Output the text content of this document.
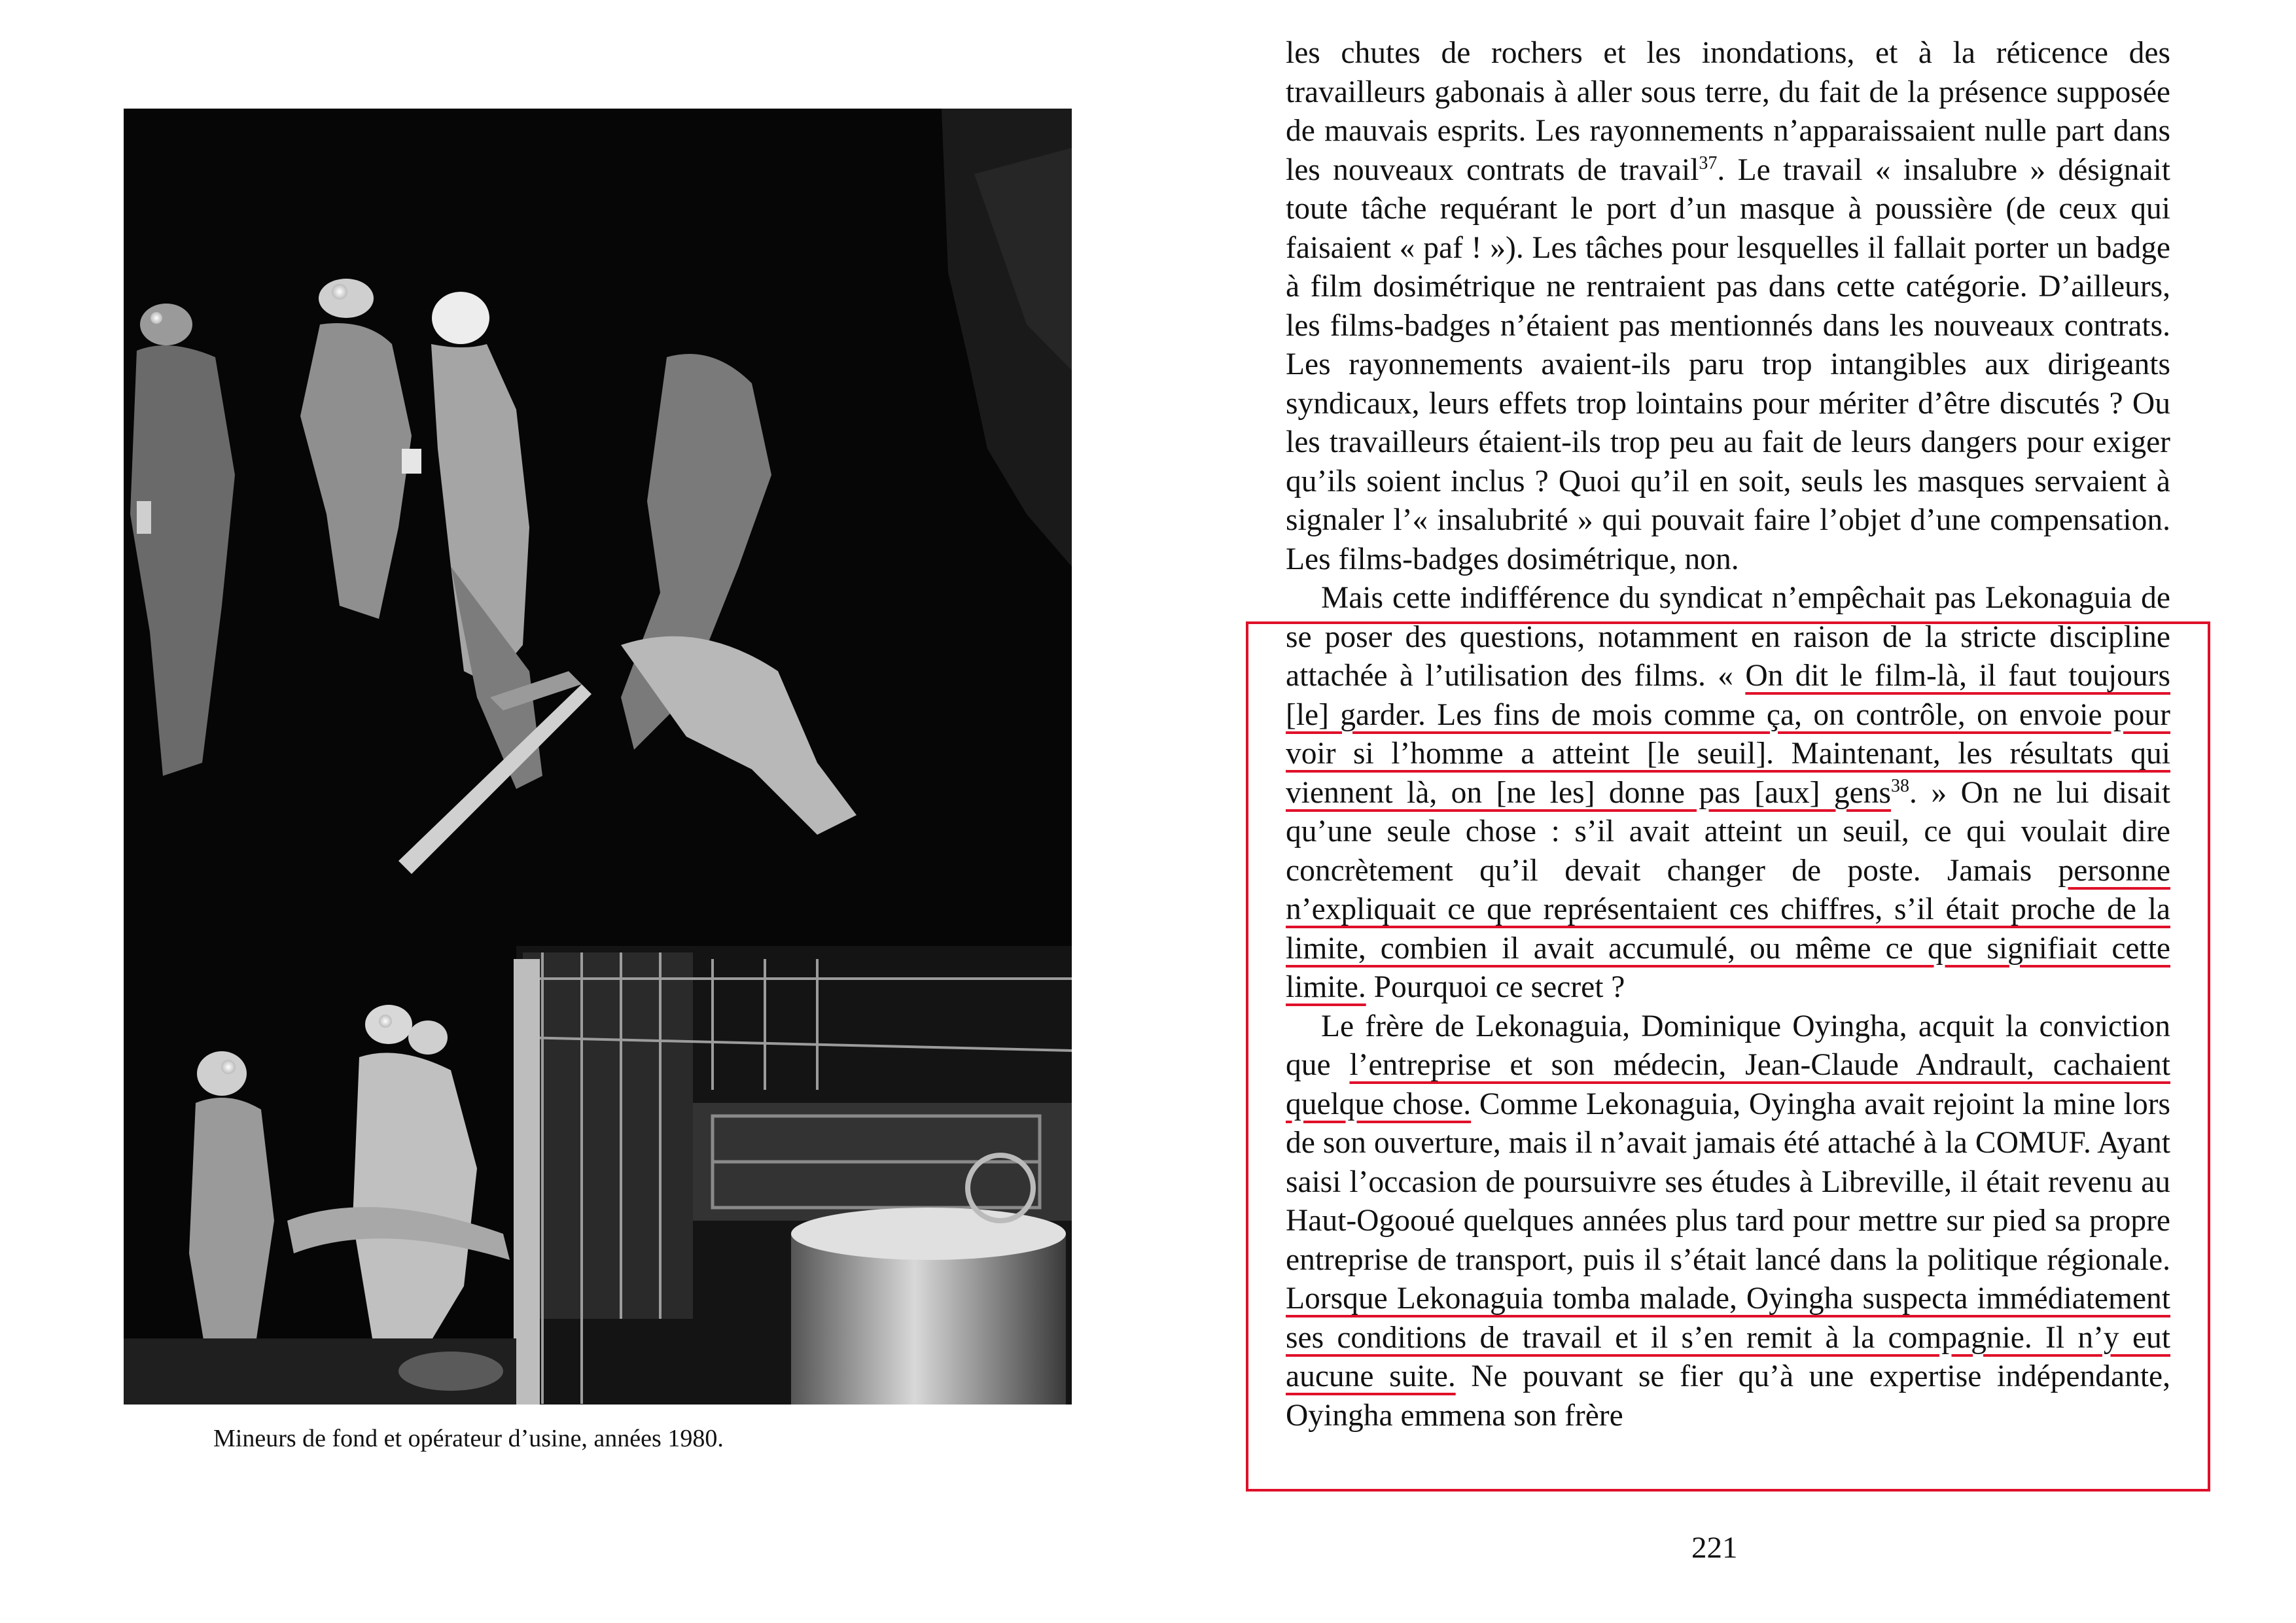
Mineurs de fond et opérateur d’usine, années 1980.

les chutes de rochers et les inondations, et à la réticence des travailleurs gabonais à aller sous terre, du fait de la présence supposée de mauvais esprits. Les rayonnements n’apparaissaient nulle part dans les nouveaux contrats de travail$^{37}$. Le travail « insalubre » désignait toute tâche requérant le port d’un masque à poussière (de ceux qui faisaient « paf ! »). Les tâches pour lesquelles il fallait porter un badge à film dosimétrique ne rentraient pas dans cette catégorie. D’ailleurs, les films-badges n’étaient pas mentionnés dans les nouveaux contrats. Les rayonnements avaient-ils paru trop intangibles aux dirigeants syndicaux, leurs effets trop lointains pour mériter d’être discutés ? Ou les travailleurs étaient-ils trop peu au fait de leurs dangers pour exiger qu’ils soient inclus ? Quoi qu’il en soit, seuls les masques servaient à signaler l’« insalubrité » qui pouvait faire l’objet d’une compensation. Les films-badges dosimétrique, non.

Mais cette indifférence du syndicat n’empêchait pas Lekonaguia de se poser des questions, notamment en raison de la stricte discipline attachée à l’utilisation des films. « On dit le film-là, il faut toujours [le] garder. Les fins de mois comme ça, on contrôle, on envoie pour voir si l’homme a atteint [le seuil]. Maintenant, les résultats qui viennent là, on [ne les] donne pas [aux] gens$^{38}$. » On ne lui disait qu’une seule chose : s’il avait atteint un seuil, ce qui voulait dire concrètement qu’il devait changer de poste. Jamais personne n’expliquait ce que représentaient ces chiffres, s’il était proche de la limite, combien il avait accumulé, ou même ce que signifiait cette limite. Pourquoi ce secret ?

Le frère de Lekonaguia, Dominique Oyingha, acquit la conviction que l’entreprise et son médecin, Jean-Claude Andrault, cachaient quelque chose. Comme Lekonaguia, Oyingha avait rejoint la mine lors de son ouverture, mais il n’avait jamais été attaché à la COMUF. Ayant saisi l’occasion de poursuivre ses études à Libreville, il était revenu au Haut-Ogooué quelques années plus tard pour mettre sur pied sa propre entreprise de transport, puis il s’était lancé dans la politique régionale. Lorsque Lekonaguia tomba malade, Oyingha suspecta immédiatement ses conditions de travail et il s’en remit à la compagnie. Il n’y eut aucune suite. Ne pouvant se fier qu’à une expertise indépendante, Oyingha emmena son frère

221
